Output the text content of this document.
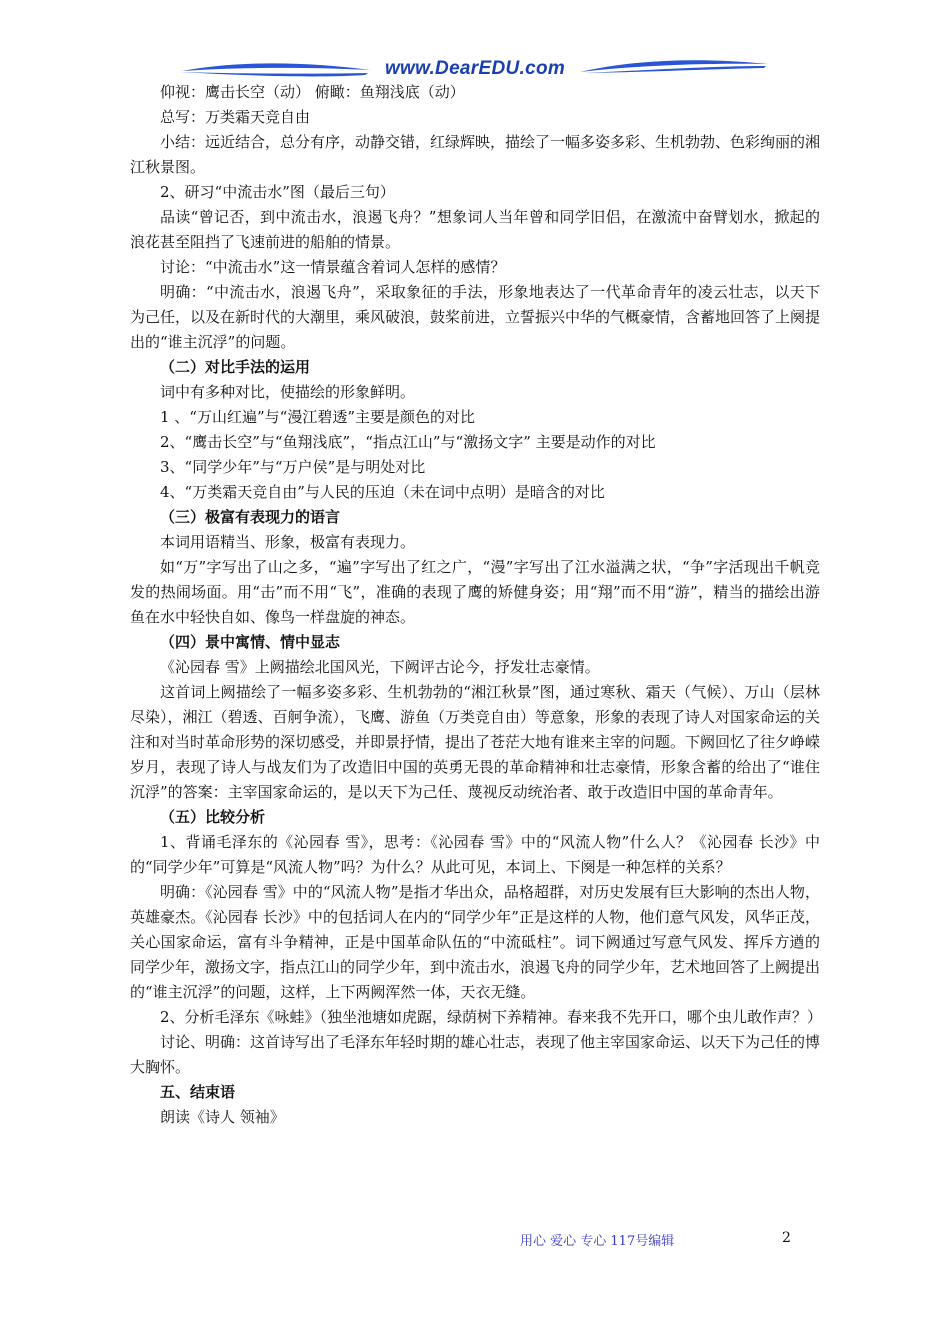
www.DearEDU.com

仰视：鹰击长空（动） 俯瞰：鱼翔浅底（动）

总写：万类霜天竞自由

小结：远近结合，总分有序，动静交错，红绿辉映，描绘了一幅多姿多彩、生机勃勃、色彩绚丽的湘江秋景图。

2、研习“中流击水”图（最后三句）

品读“曾记否，到中流击水，浪遏飞舟？”想象词人当年曾和同学旧侣，在激流中奋臂划水，掀起的浪花甚至阻挡了飞速前进的船舶的情景。

讨论：“中流击水”这一情景蕴含着词人怎样的感情？

明确：“中流击水，浪遏飞舟”，采取象征的手法，形象地表达了一代革命青年的凌云壮志，以天下为己任，以及在新时代的大潮里，乘风破浪，鼓桨前进，立誓振兴中华的气概豪情，含蓄地回答了上阕提出的“谁主沉浮”的问题。

（二）对比手法的运用

词中有多种对比，使描绘的形象鲜明。

1 、“万山红遍”与“漫江碧透”主要是颜色的对比

2、“鹰击长空”与“鱼翔浅底”，“指点江山”与“激扬文字” 主要是动作的对比

3、“同学少年”与“万户侯”是与明处对比

4、“万类霜天竞自由”与人民的压迫（未在词中点明）是暗含的对比

（三）极富有表现力的语言

本词用语精当、形象，极富有表现力。

如“万”字写出了山之多，“遍”字写出了红之广，“漫”字写出了江水溢满之状，“争”字活现出千帆竞发的热闹场面。用“击”而不用“飞”，准确的表现了鹰的矫健身姿；用“翔”而不用“游”，精当的描绘出游鱼在水中轻快自如、像鸟一样盘旋的神态。

（四）景中寓情、情中显志

《沁园春 雪》上阙描绘北国风光，下阙评古论今，抒发壮志豪情。

这首词上阙描绘了一幅多姿多彩、生机勃勃的“湘江秋景”图，通过寒秋、霜天（气候）、万山（层林尽染），湘江（碧透、百舸争流），飞鹰、游鱼（万类竞自由）等意象，形象的表现了诗人对国家命运的关注和对当时革命形势的深切感受，并即景抒情，提出了苍茫大地有谁来主宰的问题。下阙回忆了往夕峥嵘岁月，表现了诗人与战友们为了改造旧中国的英勇无畏的革命精神和壮志豪情，形象含蓄的给出了“谁住沉浮”的答案：主宰国家命运的，是以天下为己任、蔑视反动统治者、敢于改造旧中国的革命青年。

（五）比较分析

1、背诵毛泽东的《沁园春 雪》，思考：《沁园春 雪》中的“风流人物”什么人？《沁园春 长沙》中的“同学少年”可算是“风流人物”吗？为什么？从此可见，本词上、下阕是一种怎样的关系？

明确：《沁园春 雪》中的“风流人物”是指才华出众，品格超群，对历史发展有巨大影响的杰出人物，英雄豪杰。《沁园春 长沙》中的包括词人在内的“同学少年”正是这样的人物，他们意气风发，风华正茂，关心国家命运，富有斗争精神，正是中国革命队伍的“中流砥柱”。词下阙通过写意气风发、挥斥方遒的同学少年，激扬文字，指点江山的同学少年，到中流击水，浪遏飞舟的同学少年，艺术地回答了上阙提出的“谁主沉浮”的问题，这样，上下两阙浑然一体，天衣无缝。

2、分析毛泽东《咏蛙》（独坐池塘如虎踞，绿荫树下养精神。春来我不先开口，哪个虫儿敢作声？）

讨论、明确：这首诗写出了毛泽东年轻时期的雄心壮志，表现了他主宰国家命运、以天下为己任的博大胸怀。

五、结束语

朗读《诗人 领袖》

用心 爱心 专心 117号编辑	2
